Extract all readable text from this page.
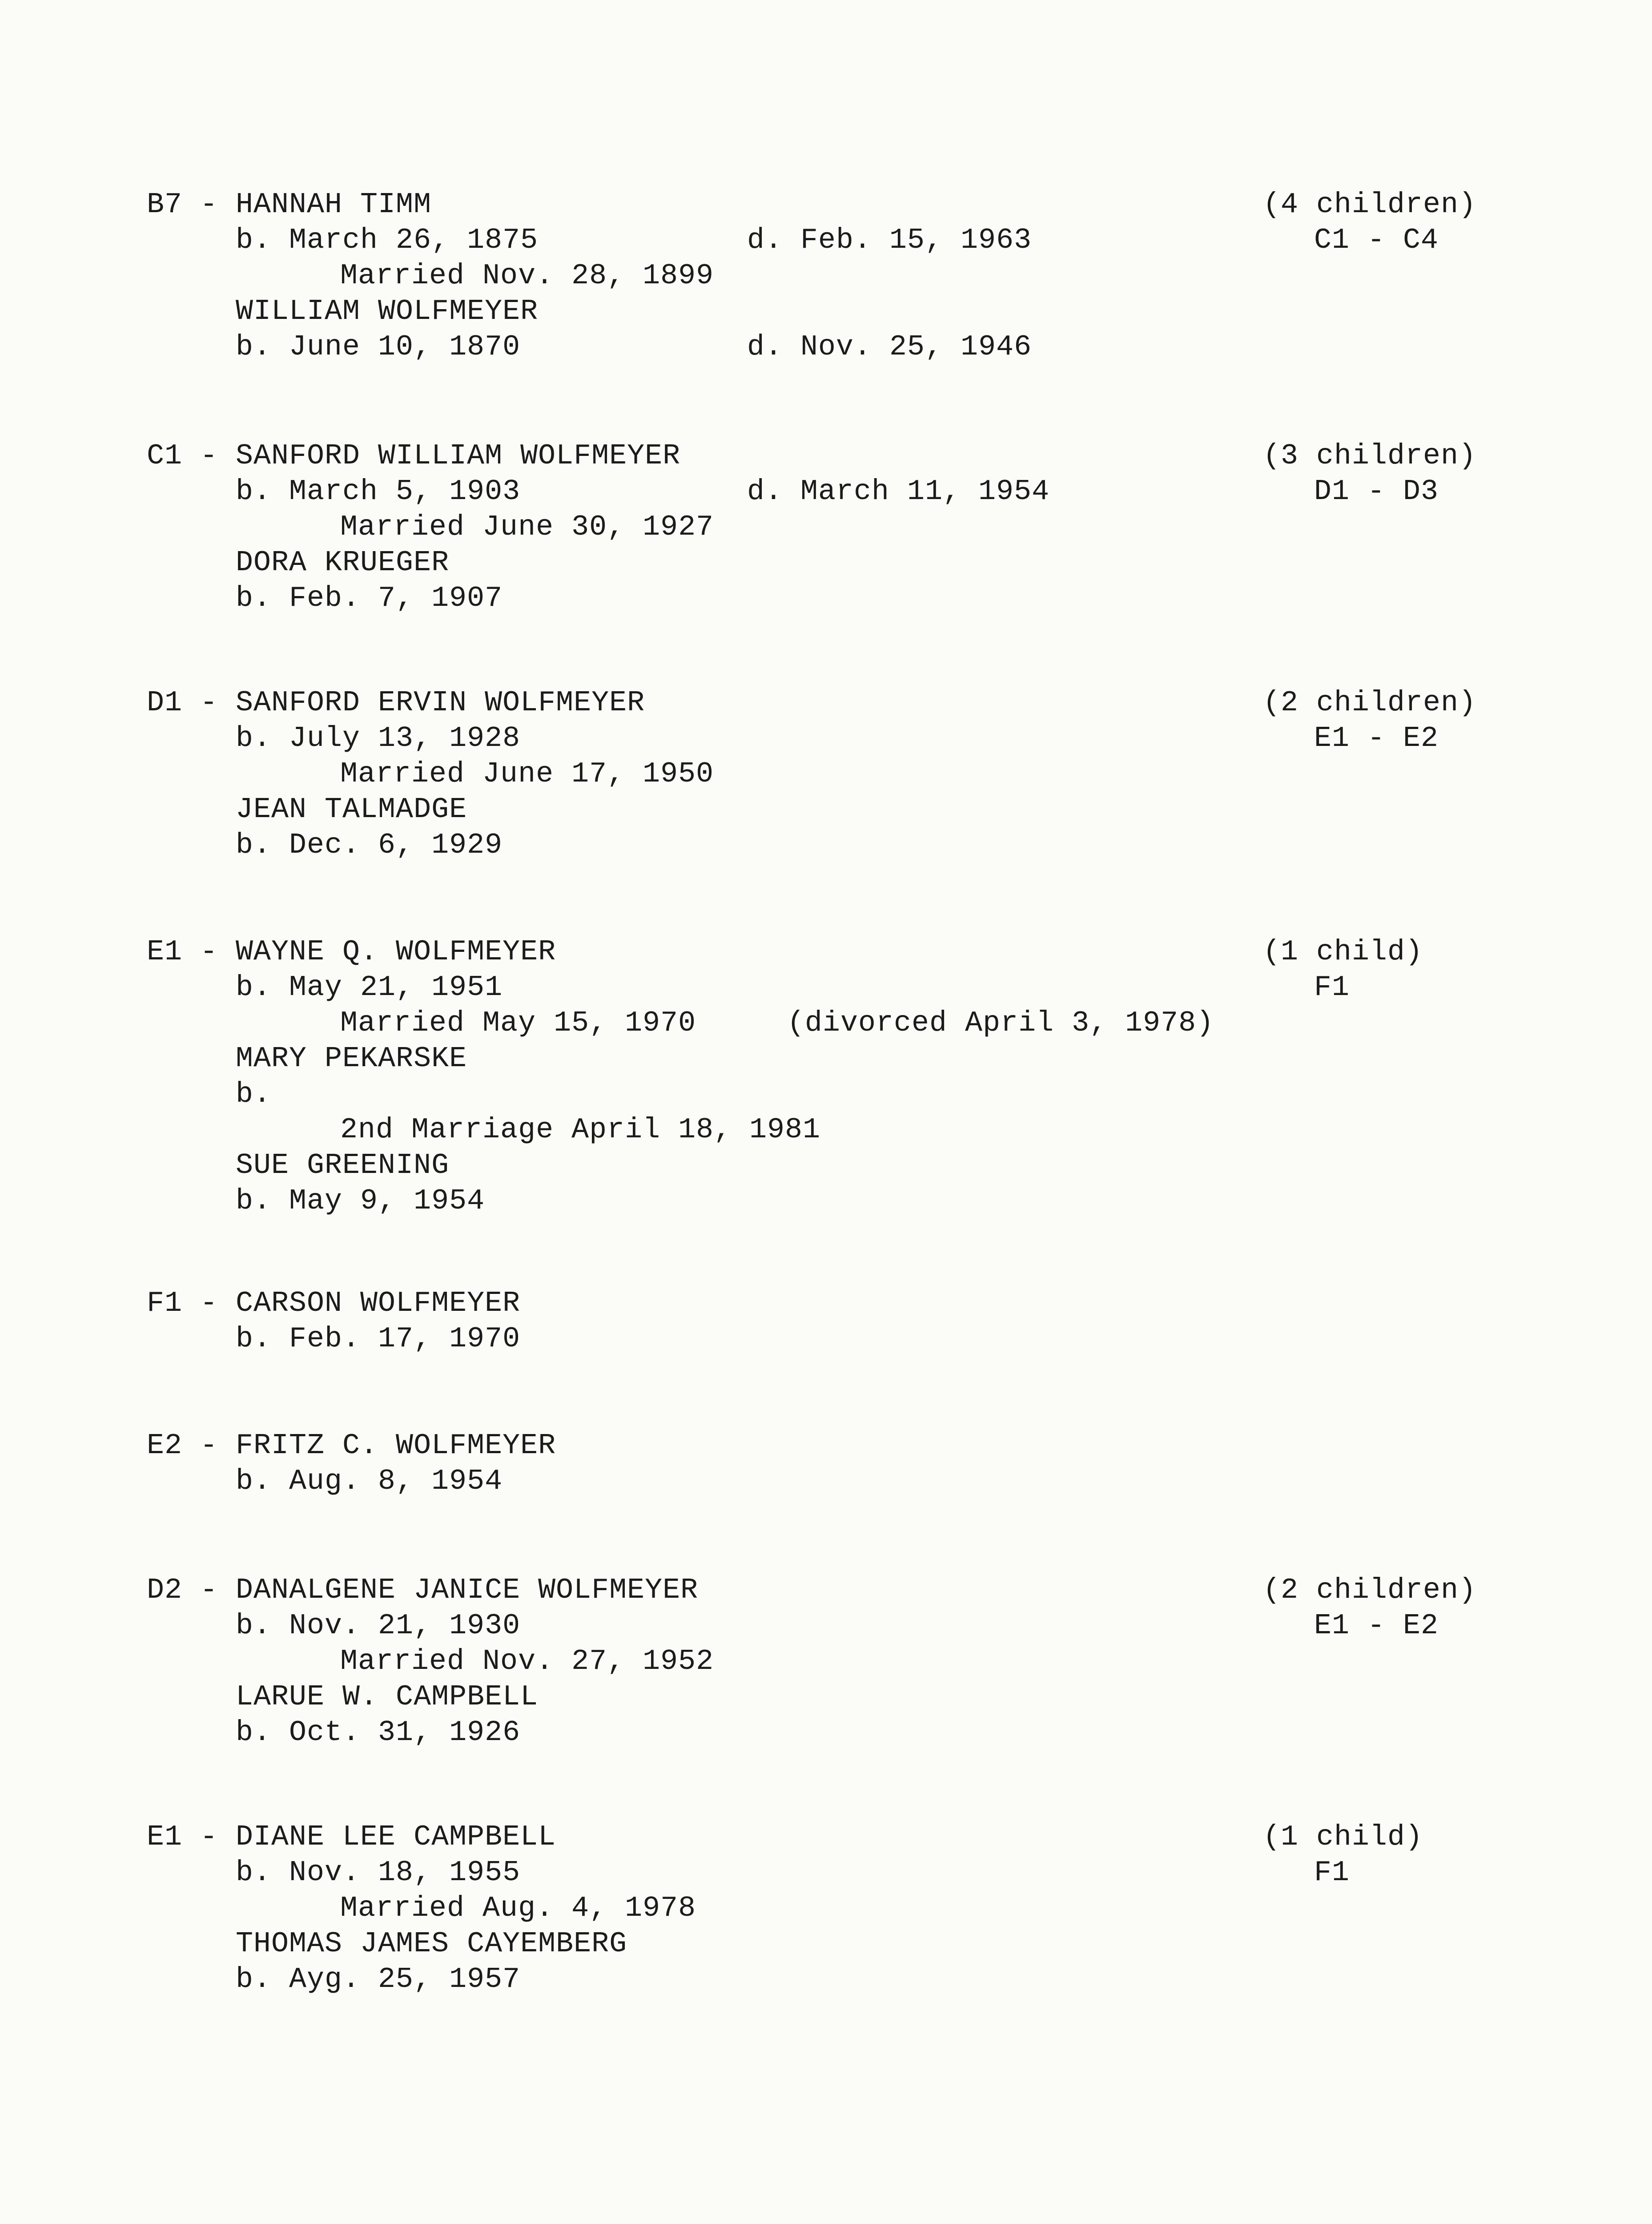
B7 - HANNAH TIMM	(4 children)
b. March 26, 1875	d. Feb. 15, 1963	C1 - C4
Married Nov. 28, 1899
WILLIAM WOLFMEYER
b. June 10, 1870	d. Nov. 25, 1946
C1 - SANFORD WILLIAM WOLFMEYER	(3 children)
b. March 5, 1903	d. March 11, 1954	D1 - D3
Married June 30, 1927
DORA KRUEGER
b. Feb. 7, 1907
D1 - SANFORD ERVIN WOLFMEYER	(2 children)
b. July 13, 1928	E1 - E2
Married June 17, 1950
JEAN TALMADGE
b. Dec. 6, 1929
E1 - WAYNE Q. WOLFMEYER	(1 child)
b. May 21, 1951	F1
Married May 15, 1970	(divorced April 3, 1978)
MARY PEKARSKE
b.
2nd Marriage April 18, 1981
SUE GREENING
b. May 9, 1954
F1 - CARSON WOLFMEYER
b. Feb. 17, 1970
E2 - FRITZ C. WOLFMEYER
b. Aug. 8, 1954
D2 - DANALGENE JANICE WOLFMEYER	(2 children)
b. Nov. 21, 1930	E1 - E2
Married Nov. 27, 1952
LARUE W. CAMPBELL
b. Oct. 31, 1926
E1 - DIANE LEE CAMPBELL	(1 child)
b. Nov. 18, 1955	F1
Married Aug. 4, 1978
THOMAS JAMES CAYEMBERG
b. Ayg. 25, 1957
